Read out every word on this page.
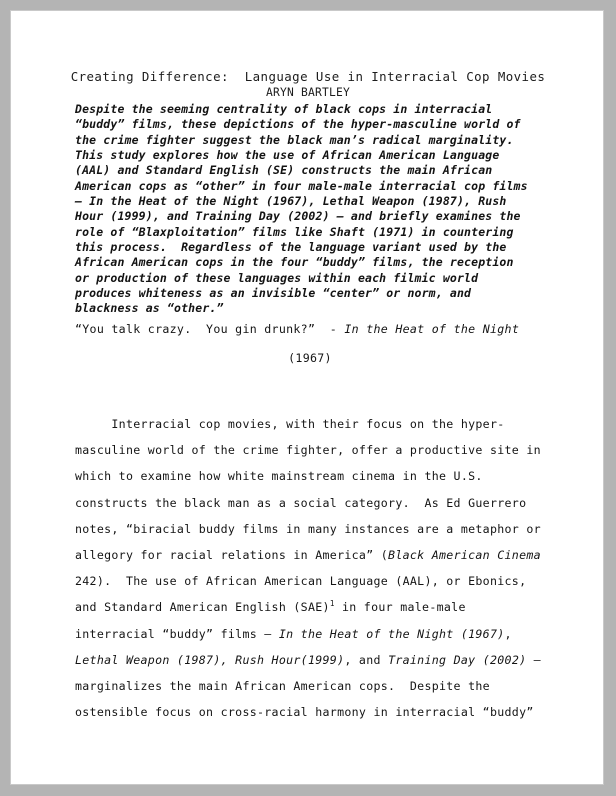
Creating Difference:  Language Use in Interracial Cop Movies
ARYN BARTLEY
Despite the seeming centrality of black cops in interracial
“buddy” films, these depictions of the hyper-masculine world of
the crime fighter suggest the black man’s radical marginality.
This study explores how the use of African American Language
(AAL) and Standard English (SE) constructs the main African
American cops as “other” in four male-male interracial cop films
— In the Heat of the Night (1967), Lethal Weapon (1987), Rush
Hour (1999), and Training Day (2002) — and briefly examines the
role of “Blaxploitation” films like Shaft (1971) in countering
this process.  Regardless of the language variant used by the
African American cops in the four “buddy” films, the reception
or production of these languages within each filmic world
produces whiteness as an invisible “center” or norm, and
blackness as “other.”
“You talk crazy.  You gin drunk?”  - In the Heat of the Night
(1967)
Interracial cop movies, with their focus on the hyper-
masculine world of the crime fighter, offer a productive site in
which to examine how white mainstream cinema in the U.S.
constructs the black man as a social category.  As Ed Guerrero
notes, “biracial buddy films in many instances are a metaphor or
allegory for racial relations in America” (Black American Cinema
242).  The use of African American Language (AAL), or Ebonics,
and Standard American English (SAE)$^1$ in four male-male
interracial “buddy” films — In the Heat of the Night (1967),
Lethal Weapon (1987), Rush Hour(1999), and Training Day (2002) —
marginalizes the main African American cops.  Despite the
ostensible focus on cross-racial harmony in interracial “buddy”
